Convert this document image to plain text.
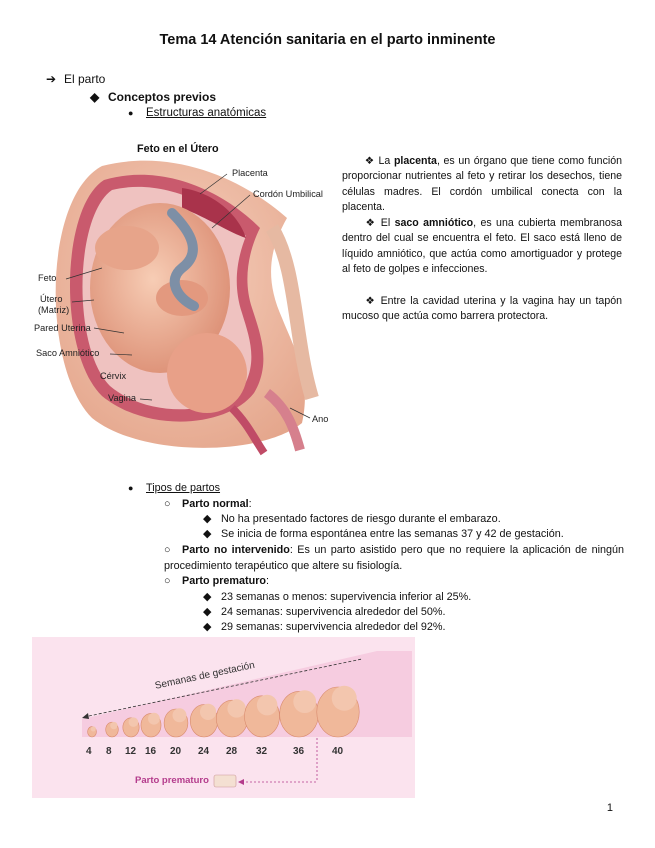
Tema 14 Atención sanitaria en el parto inminente
➔ El parto
◆ Conceptos previos
● Estructuras anatómicas
Feto en el Útero
Placenta
Cordón Umbilical
Feto
Útero
(Matriz)
Pared Uterina
Saco Amniótico
Cérvix
Vagina
Ano
❖ La placenta, es un órgano que tiene como función proporcionar nutrientes al feto y retirar los desechos, tiene células madres. El cordón umbilical conecta con la placenta.
❖ El saco amniótico, es una cubierta membranosa dentro del cual se encuentra el feto. El saco está lleno de líquido amniótico, que actúa como amortiguador y protege al feto de golpes e infecciones.
❖ Entre la cavidad uterina y la vagina hay un tapón mucoso que actúa como barrera protectora.
● Tipos de partos
○ Parto normal:
◆ No ha presentado factores de riesgo durante el embarazo.
◆ Se inicia de forma espontánea entre las semanas 37 y 42 de gestación.
○ Parto no intervenido: Es un parto asistido pero que no requiere la aplicación de ningún procedimiento terapéutico que altere su fisiología.
○ Parto prematuro:
◆ 23 semanas o menos: supervivencia inferior al 25%.
◆ 24 semanas: supervivencia alrededor del 50%.
◆ 29 semanas: supervivencia alrededor del 92%.
Semanas de gestación
4 8 12 16 20 24 28 32	36	40
Parto prematuro
1
